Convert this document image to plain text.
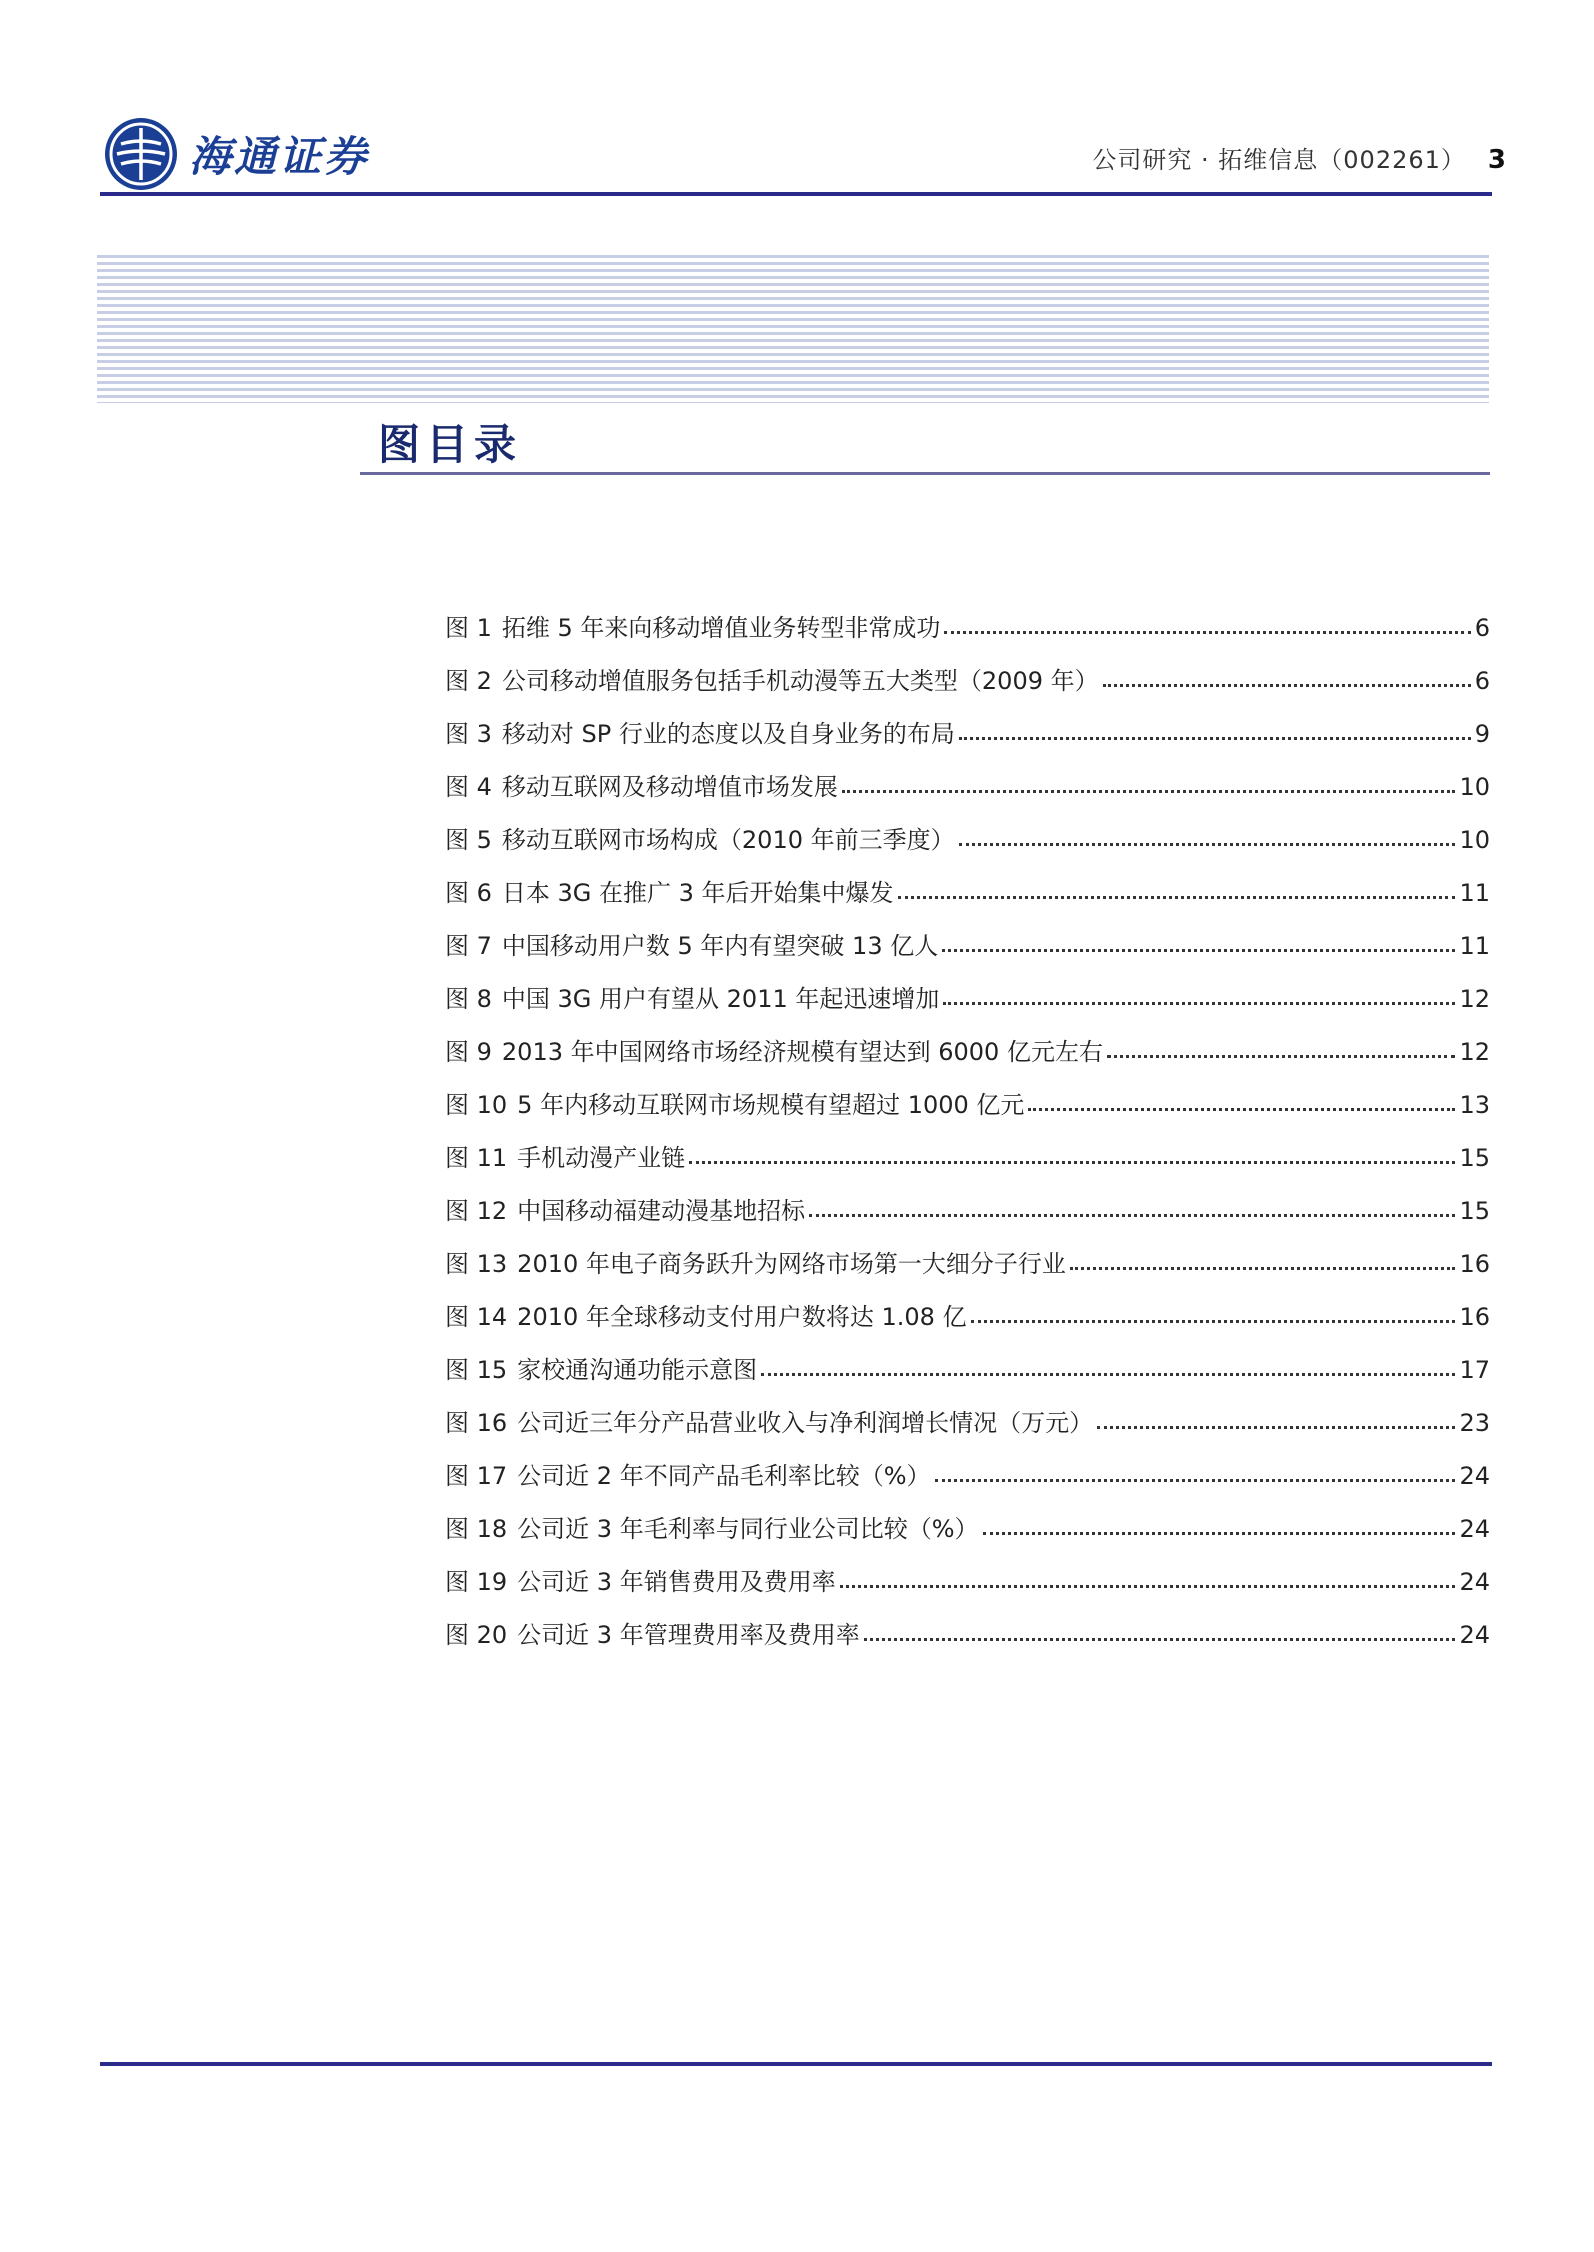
海通证券	公司研究 · 拓维信息（002261） 3
图目录
图 1 拓维 5 年来向移动增值业务转型非常成功	6
图 2 公司移动增值服务包括手机动漫等五大类型（2009 年）	6
图 3 移动对 SP 行业的态度以及自身业务的布局	9
图 4 移动互联网及移动增值市场发展	10
图 5 移动互联网市场构成（2010 年前三季度）	10
图 6 日本 3G 在推广 3 年后开始集中爆发	11
图 7 中国移动用户数 5 年内有望突破 13 亿人	11
图 8 中国 3G 用户有望从 2011 年起迅速增加	12
图 9 2013 年中国网络市场经济规模有望达到 6000 亿元左右	12
图 10 5 年内移动互联网市场规模有望超过 1000 亿元	13
图 11 手机动漫产业链	15
图 12 中国移动福建动漫基地招标	15
图 13 2010 年电子商务跃升为网络市场第一大细分子行业	16
图 14 2010 年全球移动支付用户数将达 1.08 亿	16
图 15 家校通沟通功能示意图	17
图 16 公司近三年分产品营业收入与净利润增长情况（万元）	23
图 17 公司近 2 年不同产品毛利率比较（%）	24
图 18 公司近 3 年毛利率与同行业公司比较（%）	24
图 19 公司近 3 年销售费用及费用率	24
图 20 公司近 3 年管理费用率及费用率	24
